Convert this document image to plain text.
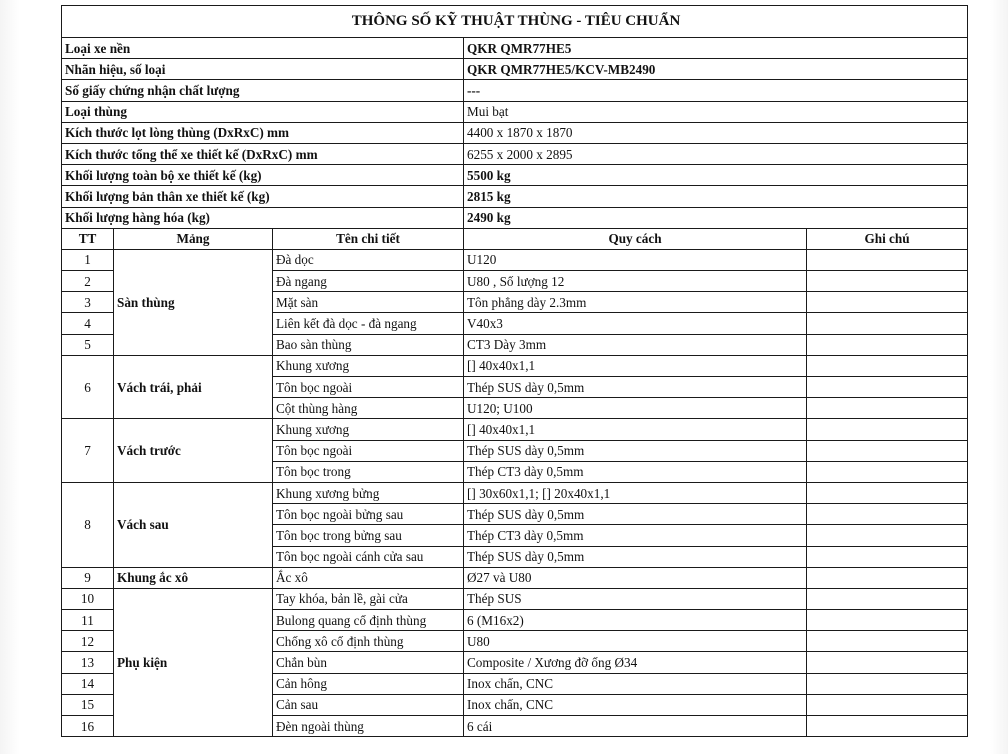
THÔNG SỐ KỸ THUẬT THÙNG - TIÊU CHUẨN				
Loại xe nền			QKR QMR77HE5	
Nhãn hiệu, số loại			QKR QMR77HE5/KCV-MB2490	
Số giấy chứng nhận chất lượng			---	
Loại thùng			Mui bạt	
Kích thước lọt lòng thùng (DxRxC) mm			4400 x 1870 x 1870	
Kích thước tổng thể xe thiết kế (DxRxC) mm			6255 x 2000 x 2895	
Khối lượng toàn bộ xe thiết kế (kg)			5500 kg	
Khối lượng bản thân xe thiết kế (kg)			2815 kg	
Khối lượng hàng hóa (kg)			2490 kg	
TT	Mảng	Tên chi tiết	Quy cách	Ghi chú
1	Sàn thùng	Đà dọc	U120	
2		Đà ngang	U80 , Số lượng 12	
3		Mặt sàn	Tôn phẳng dày 2.3mm	
4		Liên kết đà dọc - đà ngang	V40x3	
5		Bao sàn thùng	CT3 Dày 3mm	
6	Vách trái, phải	Khung xương	[] 40x40x1,1	
		Tôn bọc ngoài	Thép SUS dày 0,5mm	
		Cột thùng hàng	U120; U100	
7	Vách trước	Khung xương	[] 40x40x1,1	
		Tôn bọc ngoài	Thép SUS dày 0,5mm	
		Tôn bọc trong	Thép CT3 dày 0,5mm	
8	Vách sau	Khung xương bửng	[] 30x60x1,1; [] 20x40x1,1	
		Tôn bọc ngoài bửng sau	Thép SUS dày 0,5mm	
		Tôn bọc trong bửng sau	Thép CT3 dày 0,5mm	
		Tôn bọc ngoài cánh cửa sau	Thép SUS dày 0,5mm	
9	Khung ắc xô	Ắc xô	Ø27 và U80	
10	Phụ kiện	Tay khóa, bản lề, gài cửa	Thép SUS	
11		Bulong quang cố định thùng	6 (M16x2)	
12		Chống xô cố định thùng	U80	
13		Chắn bùn	Composite / Xương đỡ ống Ø34	
14		Cản hông	Inox chấn, CNC	
15		Cản sau	Inox chấn, CNC	
16		Đèn ngoài thùng	6 cái	
